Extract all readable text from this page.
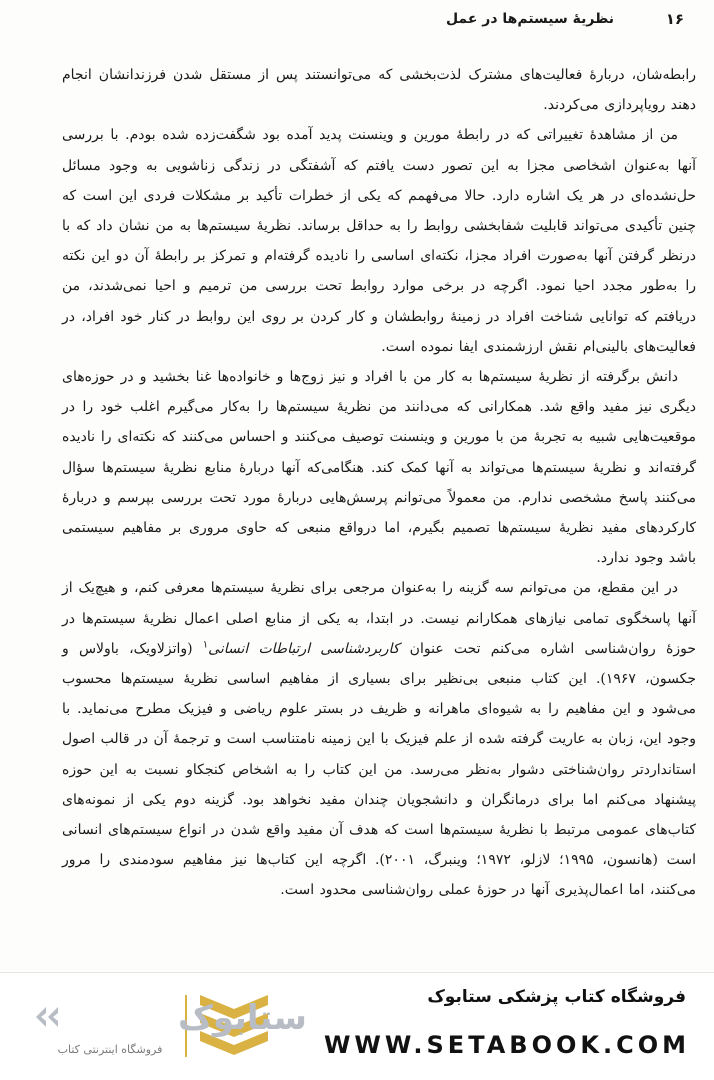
۱۶
نظریهٔ سیستم‌ها در عمل

رابطه‌شان، دربارهٔ فعالیت‌های مشترک لذت‌بخشی که می‌توانستند پس از مستقل شدن فرزندانشان انجام دهند رویاپردازی می‌کردند.

من از مشاهدهٔ تغییراتی که در رابطهٔ مورین و وینسنت پدید آمده بود شگفت‌زده شده بودم. با بررسی آنها به‌عنوان اشخاصی مجزا به این تصور دست یافتم که آشفتگی در زندگی زناشویی به وجود مسائل حل‌نشده‌ای در هر یک اشاره دارد. حالا می‌فهمم که یکی از خطرات تأکید بر مشکلات فردی این است که چنین تأکیدی می‌تواند قابلیت شفابخشی روابط را به حداقل برساند. نظریهٔ سیستم‌ها به من نشان داد که با درنظر گرفتن آنها به‌صورت افراد مجزا، نکته‌ای اساسی را نادیده گرفته‌ام و تمرکز بر رابطهٔ آن دو این نکته را به‌طور مجدد احیا نمود. اگرچه در برخی موارد روابط تحت بررسی من ترمیم و احیا نمی‌شدند، من دریافتم که توانایی شناخت افراد در زمینهٔ روابطشان و کار کردن بر روی این روابط در کنار خود افراد، در فعالیت‌های بالینی‌ام نقش ارزشمندی ایفا نموده است.

دانش برگرفته از نظریهٔ سیستم‌ها به کار من با افراد و نیز زوج‌ها و خانواده‌ها غنا بخشید و در حوزه‌های دیگری نیز مفید واقع شد. همکارانی که می‌دانند من نظریهٔ سیستم‌ها را به‌کار می‌گیرم اغلب خود را در موقعیت‌هایی شبیه به تجربهٔ من با مورین و وینسنت توصیف می‌کنند و احساس می‌کنند که نکته‌ای را نادیده گرفته‌اند و نظریهٔ سیستم‌ها می‌تواند به آنها کمک کند. هنگامی‌که آنها دربارهٔ منابع نظریهٔ سیستم‌ها سؤال می‌کنند پاسخ مشخصی ندارم. من معمولاً می‌توانم پرسش‌هایی دربارهٔ مورد تحت بررسی بپرسم و دربارهٔ کارکردهای مفید نظریهٔ سیستم‌ها تصمیم بگیرم، اما درواقع منبعی که حاوی مروری بر مفاهیم سیستمی باشد وجود ندارد.

در این مقطع، من می‌توانم سه گزینه را به‌عنوان مرجعی برای نظریهٔ سیستم‌ها معرفی کنم، و هیچ‌یک از آنها پاسخگوی تمامی نیازهای همکارانم نیست. در ابتدا، به یکی از منابع اصلی اعمال نظریهٔ سیستم‌ها در حوزهٔ روان‌شناسی اشاره می‌کنم تحت عنوان کاربردشناسی ارتباطات انسانی$^۱$ (واتزلاویک، باولاس و جکسون، ۱۹۶۷). این کتاب منبعی بی‌نظیر برای بسیاری از مفاهیم اساسی نظریهٔ سیستم‌ها محسوب می‌شود و این مفاهیم را به شیوه‌ای ماهرانه و ظریف در بستر علوم ریاضی و فیزیک مطرح می‌نماید. با وجود این، زبان به عاریت گرفته شده از علم فیزیک با این زمینه نامتناسب است و ترجمهٔ آن در قالب اصول استانداردتر روان‌شناختی دشوار به‌نظر می‌رسد. من این کتاب را به اشخاص کنجکاو نسبت به این حوزه پیشنهاد می‌کنم اما برای درمانگران و دانشجویان چندان مفید نخواهد بود. گزینه دوم یکی از نمونه‌های کتاب‌های عمومی مرتبط با نظریهٔ سیستم‌ها است که هدف آن مفید واقع شدن در انواع سیستم‌های انسانی است (هانسون، ۱۹۹۵؛ لازلو، ۱۹۷۲؛ وینبرگ، ۲۰۰۱). اگرچه این کتاب‌ها نیز مفاهیم سودمندی را مرور می‌کنند، اما اعمال‌پذیری آنها در حوزهٔ عملی روان‌شناسی محدود است.

فروشگاه کتاب پزشکی ستابوک
WWW.SETABOOK.COM
ستابوک
فروشگاه اینترنتی کتاب
